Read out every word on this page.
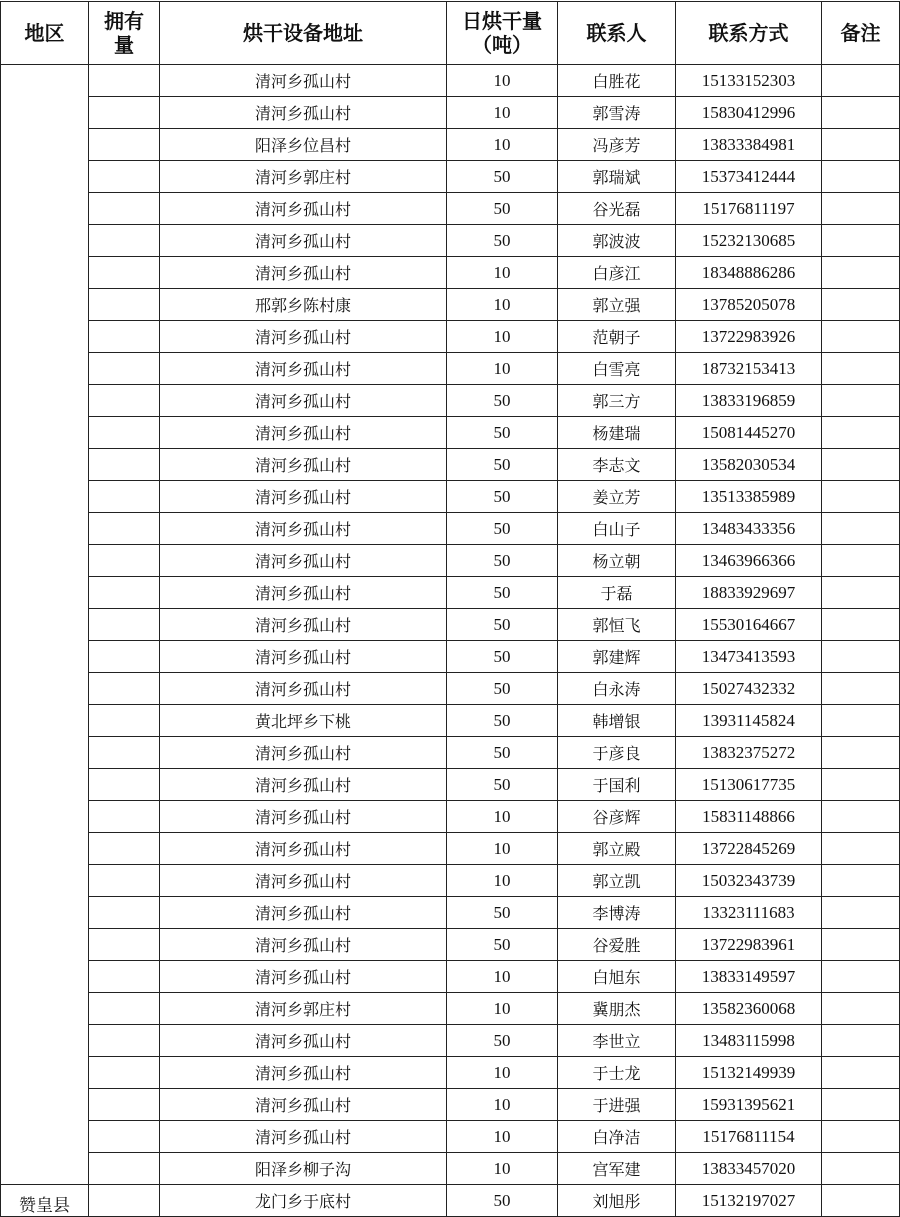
地区	拥有量	烘干设备地址	日烘干量（吨）	联系人	联系方式	备注
		清河乡孤山村	10	白胜花	15133152303	
		清河乡孤山村	10	郭雪涛	15830412996	
		阳泽乡位昌村	10	冯彦芳	13833384981	
		清河乡郭庄村	50	郭瑞斌	15373412444	
		清河乡孤山村	50	谷光磊	15176811197	
		清河乡孤山村	50	郭波波	15232130685	
		清河乡孤山村	10	白彦江	18348886286	
		邢郭乡陈村康	10	郭立强	13785205078	
		清河乡孤山村	10	范朝子	13722983926	
		清河乡孤山村	10	白雪亮	18732153413	
		清河乡孤山村	50	郭三方	13833196859	
		清河乡孤山村	50	杨建瑞	15081445270	
		清河乡孤山村	50	李志文	13582030534	
		清河乡孤山村	50	姜立芳	13513385989	
		清河乡孤山村	50	白山子	13483433356	
		清河乡孤山村	50	杨立朝	13463966366	
		清河乡孤山村	50	于磊	18833929697	
		清河乡孤山村	50	郭恒飞	15530164667	
		清河乡孤山村	50	郭建辉	13473413593	
		清河乡孤山村	50	白永涛	15027432332	
		黄北坪乡下桃	50	韩增银	13931145824	
		清河乡孤山村	50	于彦良	13832375272	
		清河乡孤山村	50	于国利	15130617735	
		清河乡孤山村	10	谷彦辉	15831148866	
		清河乡孤山村	10	郭立殿	13722845269	
		清河乡孤山村	10	郭立凯	15032343739	
		清河乡孤山村	50	李博涛	13323111683	
		清河乡孤山村	50	谷爱胜	13722983961	
		清河乡孤山村	10	白旭东	13833149597	
		清河乡郭庄村	10	冀朋杰	13582360068	
		清河乡孤山村	50	李世立	13483115998	
		清河乡孤山村	10	于士龙	15132149939	
		清河乡孤山村	10	于进强	15931395621	
		清河乡孤山村	10	白净洁	15176811154	
		阳泽乡柳子沟	10	宫军建	13833457020	
赞皇县		龙门乡于底村	50	刘旭彤	15132197027	
